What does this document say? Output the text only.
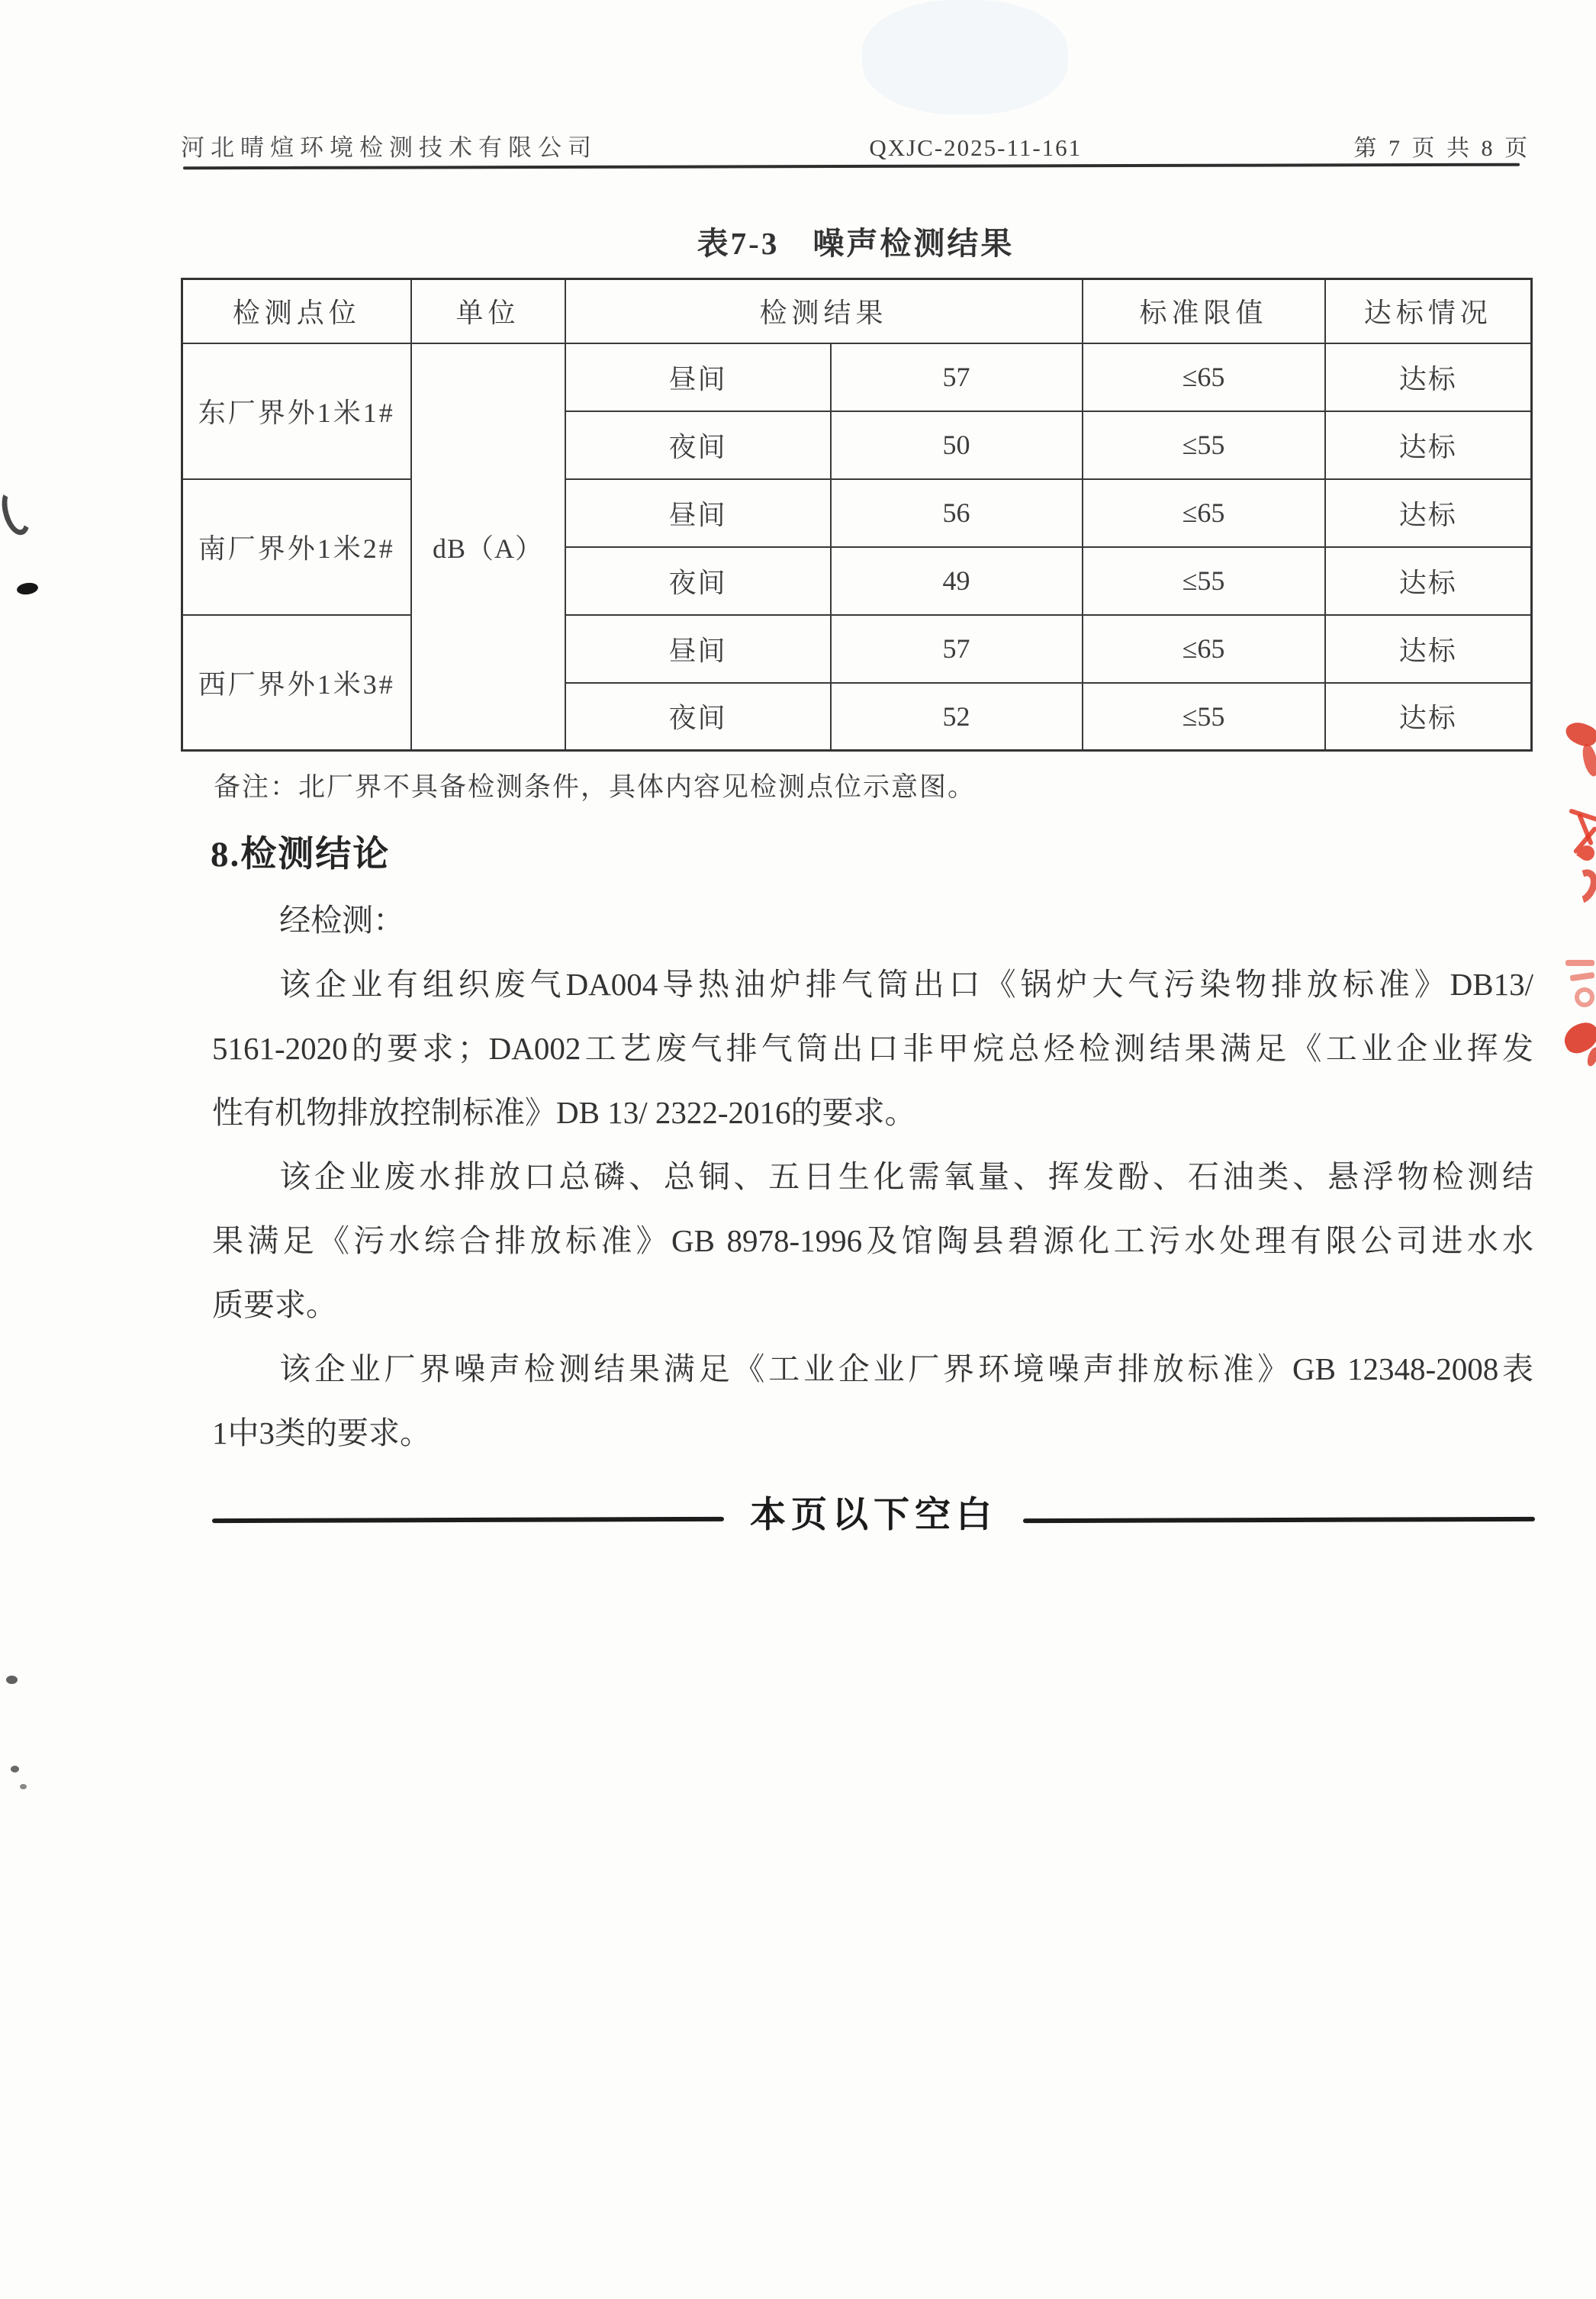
河北晴煊环境检测技术有限公司	QXJC-2025-11-161	第 7 页 共 8 页
表7-3　噪声检测结果
检测点位	单位	检测结果		标准限值	达标情况
东厂界外1米1#	dB（A）	昼间	57	≤65	达标
		夜间	50	≤55	达标
南厂界外1米2#		昼间	56	≤65	达标
		夜间	49	≤55	达标
西厂界外1米3#		昼间	57	≤65	达标
		夜间	52	≤55	达标
备注：北厂界不具备检测条件，具体内容见检测点位示意图。
8.检测结论
经检测：
该企业有组织废气DA004导热油炉排气筒出口《锅炉大气污染物排放标准》DB13/
5161-2020的要求；DA002工艺废气排气筒出口非甲烷总烃检测结果满足《工业企业挥发
性有机物排放控制标准》DB 13/ 2322-2016的要求。
该企业废水排放口总磷、总铜、五日生化需氧量、挥发酚、石油类、悬浮物检测结
果满足《污水综合排放标准》GB 8978-1996及馆陶县碧源化工污水处理有限公司进水水
质要求。
该企业厂界噪声检测结果满足《工业企业厂界环境噪声排放标准》GB 12348-2008表
1中3类的要求。
本页以下空白
